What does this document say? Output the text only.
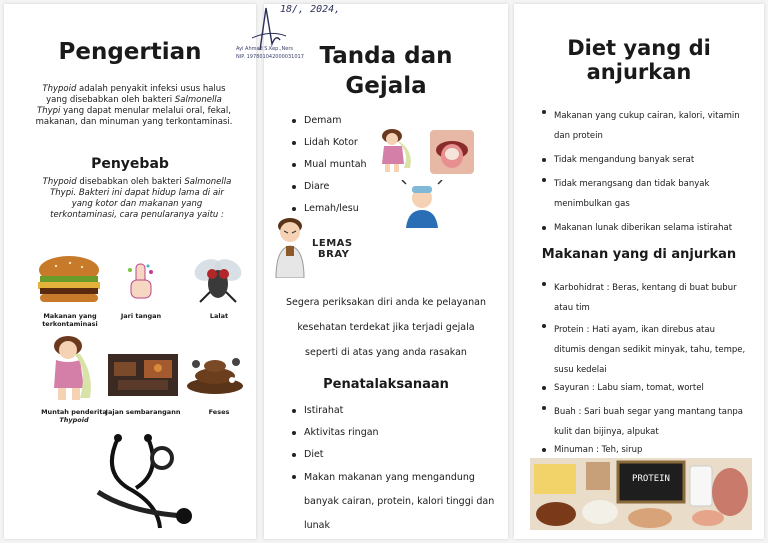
Pengertian

Thypoid adalah penyakit infeksi usus halus yang disebabkan oleh bakteri Salmonella Thypi yang dapat menular melalui oral, fekal, makanan, dan minuman yang terkontaminasi.

Penyebab

Thypoid disebabkan oleh bakteri Salmonella Thypi. Bakteri ini dapat hidup lama di air yang kotor dan makanan yang terkontaminasi, cara penularanya yaitu :

Makanan yang terkontaminasi
Jari tangan	Lalat
Muntah penderita
Thypoid
Jajan sembarangann	Feses
Tanda dan
Gejala
Demam
Lidah Kotor
Mual muntah
Diare
Lemah/lesu
LEMAS
BRAY
Segera periksakan diri anda ke pelayanan
kesehatan terdekat jika terjadi gejala
seperti di atas yang anda rasakan
Penatalaksanaan
Istirahat
Aktivitas ringan
Diet
Makan makanan yang mengandung banyak cairan, protein, kalori tinggi dan lunak
Diet yang di
anjurkan
Makanan yang cukup cairan, kalori, vitamin dan protein
Tidak mengandung banyak serat
Tidak merangsang dan tidak banyak menimbulkan gas
Makanan lunak diberikan selama istirahat
Makanan yang di anjurkan
Karbohidrat : Beras, kentang di buat bubur atau tim
Protein : Hati ayam, ikan direbus atau ditumis dengan sedikit minyak, tahu, tempe, susu kedelai
Sayuran : Labu siam, tomat, wortel
Buah : Sari buah segar yang mantang tanpa kulit dan bijinya, alpukat
Minuman : Teh, sirup
PROTEIN
18/, 2024,
Ayi Ahmad S.Kep.,Ners
NIP. 197801042000031017
